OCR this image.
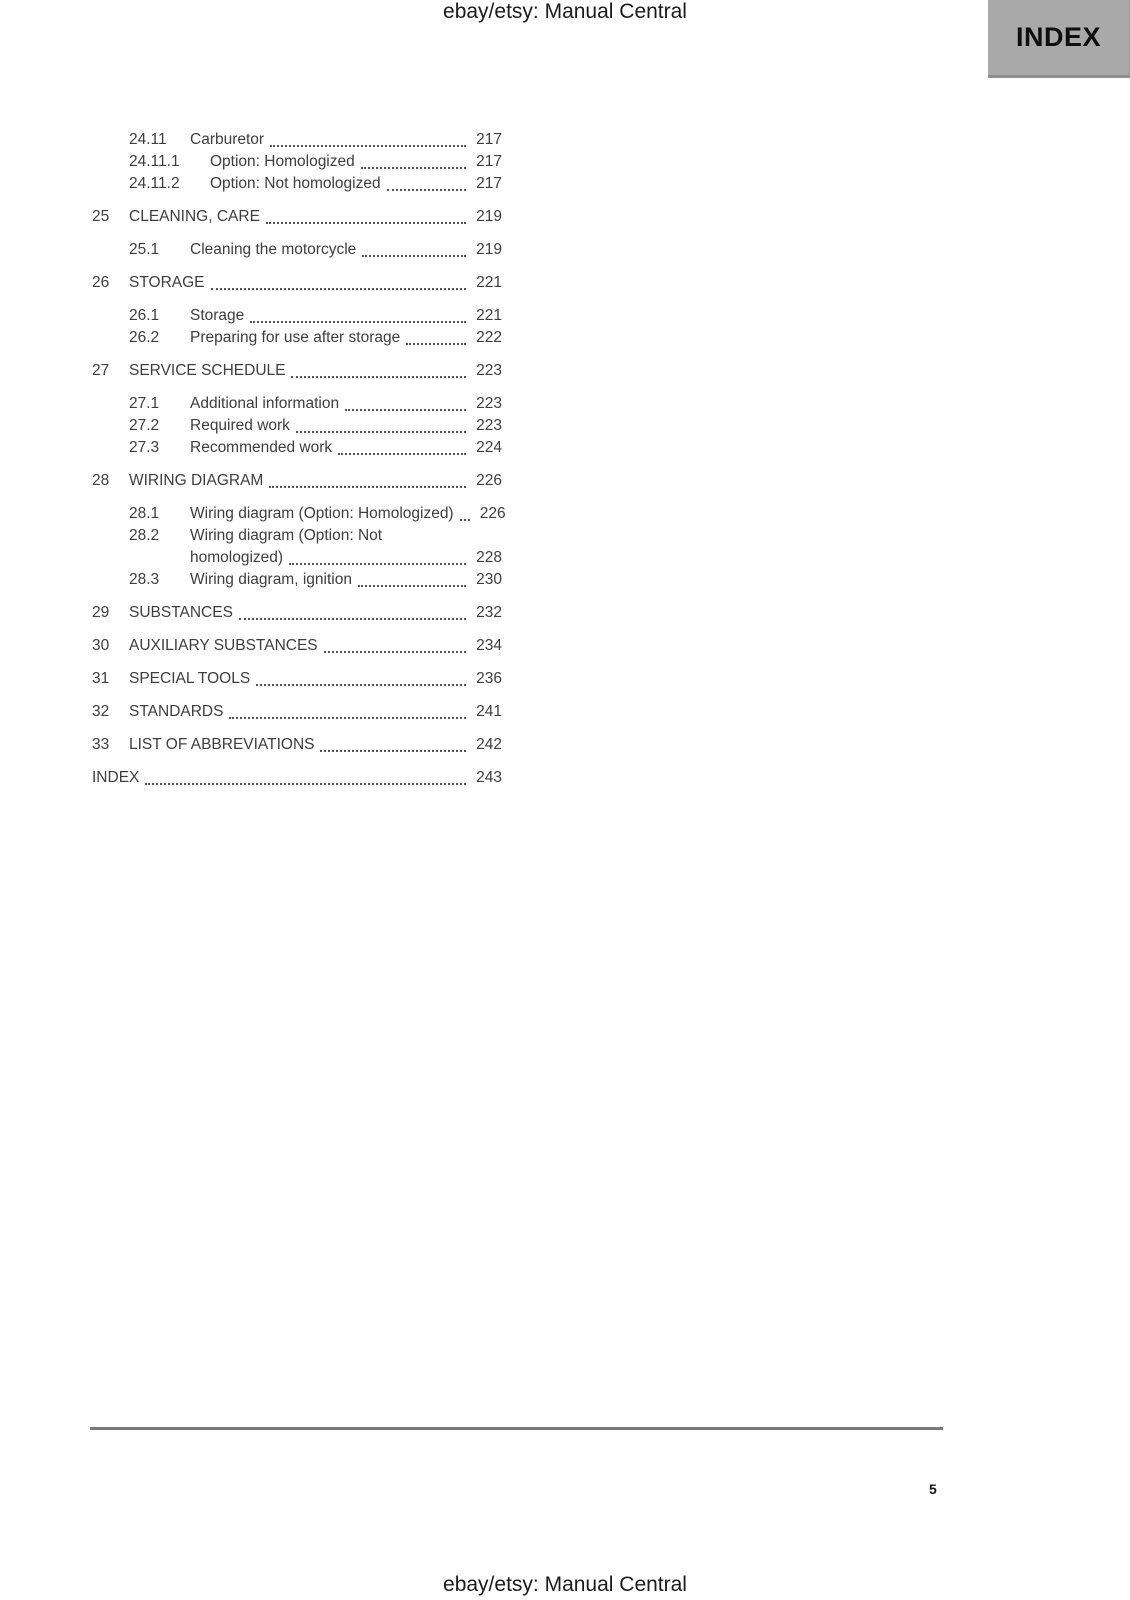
ebay/etsy: Manual Central
INDEX
24.11	Carburetor	217
24.11.1	Option: Homologized	217
24.11.2	Option: Not homologized	217
25	CLEANING, CARE	219
25.1	Cleaning the motorcycle	219
26	STORAGE	221
26.1	Storage	221
26.2	Preparing for use after storage	222
27	SERVICE SCHEDULE	223
27.1	Additional information	223
27.2	Required work	223
27.3	Recommended work	224
28	WIRING DIAGRAM	226
28.1	Wiring diagram (Option: Homologized)	226
28.2	Wiring diagram (Option: Not
homologized)	228
28.3	Wiring diagram, ignition	230
29	SUBSTANCES	232
30	AUXILIARY SUBSTANCES	234
31	SPECIAL TOOLS	236
32	STANDARDS	241
33	LIST OF ABBREVIATIONS	242
INDEX	243
5
ebay/etsy: Manual Central
